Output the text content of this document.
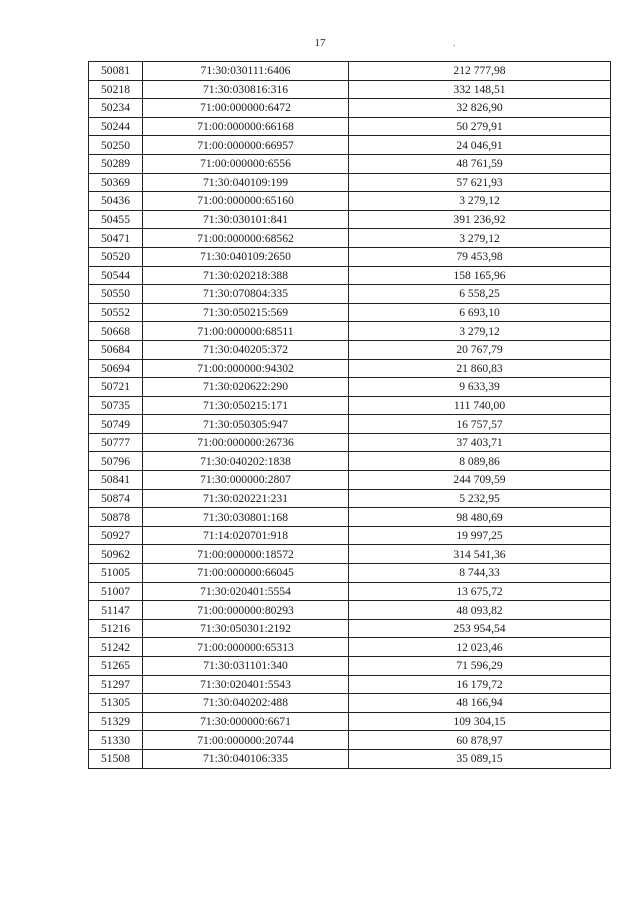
17	.
50081	71:30:030111:6406	212 777,98
50218	71:30:030816:316	332 148,51
50234	71:00:000000:6472	32 826,90
50244	71:00:000000:66168	50 279,91
50250	71:00:000000:66957	24 046,91
50289	71:00:000000:6556	48 761,59
50369	71:30:040109:199	57 621,93
50436	71:00:000000:65160	3 279,12
50455	71:30:030101:841	391 236,92
50471	71:00:000000:68562	3 279,12
50520	71:30:040109:2650	79 453,98
50544	71:30:020218:388	158 165,96
50550	71:30:070804:335	6 558,25
50552	71:30:050215:569	6 693,10
50668	71:00:000000:68511	3 279,12
50684	71:30:040205:372	20 767,79
50694	71:00:000000:94302	21 860,83
50721	71:30:020622:290	9 633,39
50735	71:30:050215:171	111 740,00
50749	71:30:050305:947	16 757,57
50777	71:00:000000:26736	37 403,71
50796	71:30:040202:1838	8 089,86
50841	71:30:000000:2807	244 709,59
50874	71:30:020221:231	5 232,95
50878	71:30:030801:168	98 480,69
50927	71:14:020701:918	19 997,25
50962	71:00:000000:18572	314 541,36
51005	71:00:000000:66045	8 744,33
51007	71:30:020401:5554	13 675,72
51147	71:00:000000:80293	48 093,82
51216	71:30:050301:2192	253 954,54
51242	71:00:000000:65313	12 023,46
51265	71:30:031101:340	71 596,29
51297	71:30:020401:5543	16 179,72
51305	71:30:040202:488	48 166,94
51329	71:30:000000:6671	109 304,15
51330	71:00:000000:20744	60 878,97
51508	71:30:040106:335	35 089,15
